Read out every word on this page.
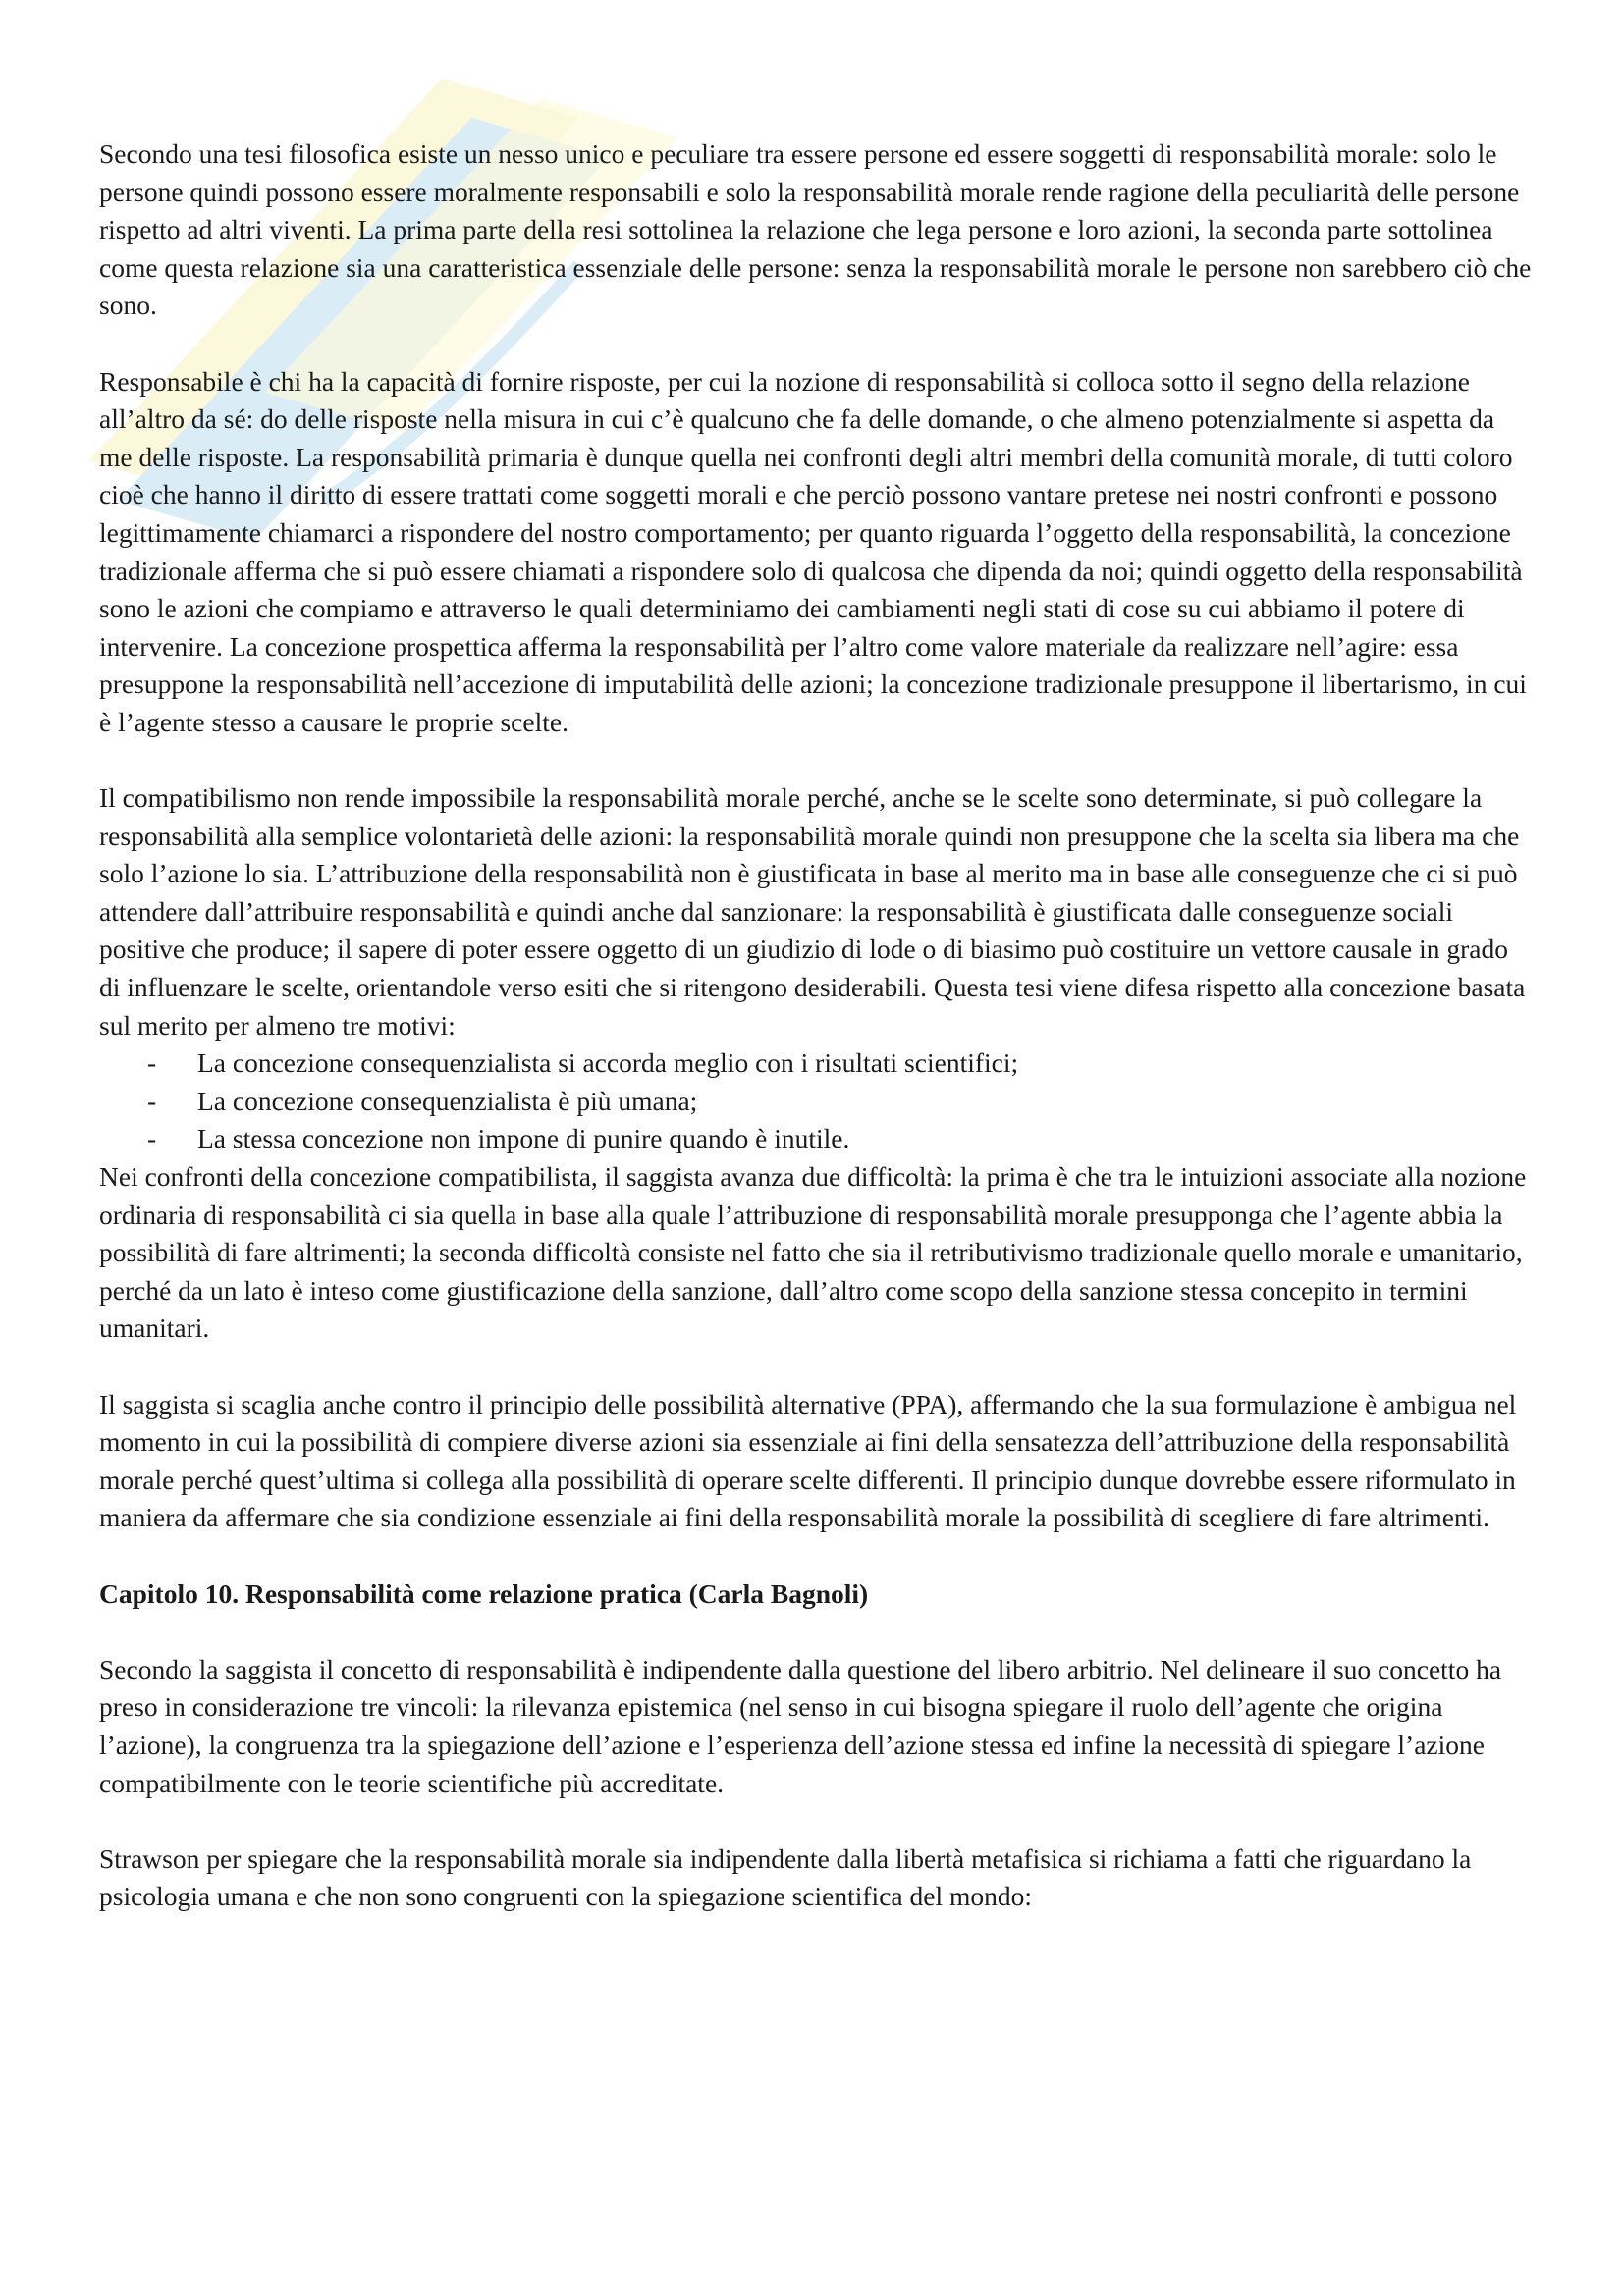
Secondo una tesi filosofica esiste un nesso unico e peculiare tra essere persone ed essere soggetti di responsabilità morale: solo le persone quindi possono essere moralmente responsabili e solo la responsabilità morale rende ragione della peculiarità delle persone rispetto ad altri viventi. La prima parte della resi sottolinea la relazione che lega persone e loro azioni, la seconda parte sottolinea come questa relazione sia una caratteristica essenziale delle persone: senza la responsabilità morale le persone non sarebbero ciò che sono.

Responsabile è chi ha la capacità di fornire risposte, per cui la nozione di responsabilità si colloca sotto il segno della relazione all’altro da sé: do delle risposte nella misura in cui c’è qualcuno che fa delle domande, o che almeno potenzialmente si aspetta da me delle risposte. La responsabilità primaria è dunque quella nei confronti degli altri membri della comunità morale, di tutti coloro cioè che hanno il diritto di essere trattati come soggetti morali e che perciò possono vantare pretese nei nostri confronti e possono legittimamente chiamarci a rispondere del nostro comportamento; per quanto riguarda l’oggetto della responsabilità, la concezione tradizionale afferma che si può essere chiamati a rispondere solo di qualcosa che dipenda da noi; quindi oggetto della responsabilità sono le azioni che compiamo e attraverso le quali determiniamo dei cambiamenti negli stati di cose su cui abbiamo il potere di intervenire. La concezione prospettica afferma la responsabilità per l’altro come valore materiale da realizzare nell’agire: essa presuppone la responsabilità nell’accezione di imputabilità delle azioni; la concezione tradizionale presuppone il libertarismo, in cui è l’agente stesso a causare le proprie scelte.

Il compatibilismo non rende impossibile la responsabilità morale perché, anche se le scelte sono determinate, si può collegare la responsabilità alla semplice volontarietà delle azioni: la responsabilità morale quindi non presuppone che la scelta sia libera ma che solo l’azione lo sia. L’attribuzione della responsabilità non è giustificata in base al merito ma in base alle conseguenze che ci si può attendere dall’attribuire responsabilità e quindi anche dal sanzionare: la responsabilità è giustificata dalle conseguenze sociali positive che produce; il sapere di poter essere oggetto di un giudizio di lode o di biasimo può costituire un vettore causale in grado di influenzare le scelte, orientandole verso esiti che si ritengono desiderabili. Questa tesi viene difesa rispetto alla concezione basata sul merito per almeno tre motivi:

- La concezione consequenzialista si accorda meglio con i risultati scientifici;
- La concezione consequenzialista è più umana;
- La stessa concezione non impone di punire quando è inutile.

Nei confronti della concezione compatibilista, il saggista avanza due difficoltà: la prima è che tra le intuizioni associate alla nozione ordinaria di responsabilità ci sia quella in base alla quale l’attribuzione di responsabilità morale presupponga che l’agente abbia la possibilità di fare altrimenti; la seconda difficoltà consiste nel fatto che sia il retributivismo tradizionale quello morale e umanitario, perché da un lato è inteso come giustificazione della sanzione, dall’altro come scopo della sanzione stessa concepito in termini umanitari.

Il saggista si scaglia anche contro il principio delle possibilità alternative (PPA), affermando che la sua formulazione è ambigua nel momento in cui la possibilità di compiere diverse azioni sia essenziale ai fini della sensatezza dell’attribuzione della responsabilità morale perché quest’ultima si collega alla possibilità di operare scelte differenti. Il principio dunque dovrebbe essere riformulato in maniera da affermare che sia condizione essenziale ai fini della responsabilità morale la possibilità di scegliere di fare altrimenti.

Capitolo 10. Responsabilità come relazione pratica (Carla Bagnoli)

Secondo la saggista il concetto di responsabilità è indipendente dalla questione del libero arbitrio. Nel delineare il suo concetto ha preso in considerazione tre vincoli: la rilevanza epistemica (nel senso in cui bisogna spiegare il ruolo dell’agente che origina l’azione), la congruenza tra la spiegazione dell’azione e l’esperienza dell’azione stessa ed infine la necessità di spiegare l’azione compatibilmente con le teorie scientifiche più accreditate.

Strawson per spiegare che la responsabilità morale sia indipendente dalla libertà metafisica si richiama a fatti che riguardano la psicologia umana e che non sono congruenti con la spiegazione scientifica del mondo:
